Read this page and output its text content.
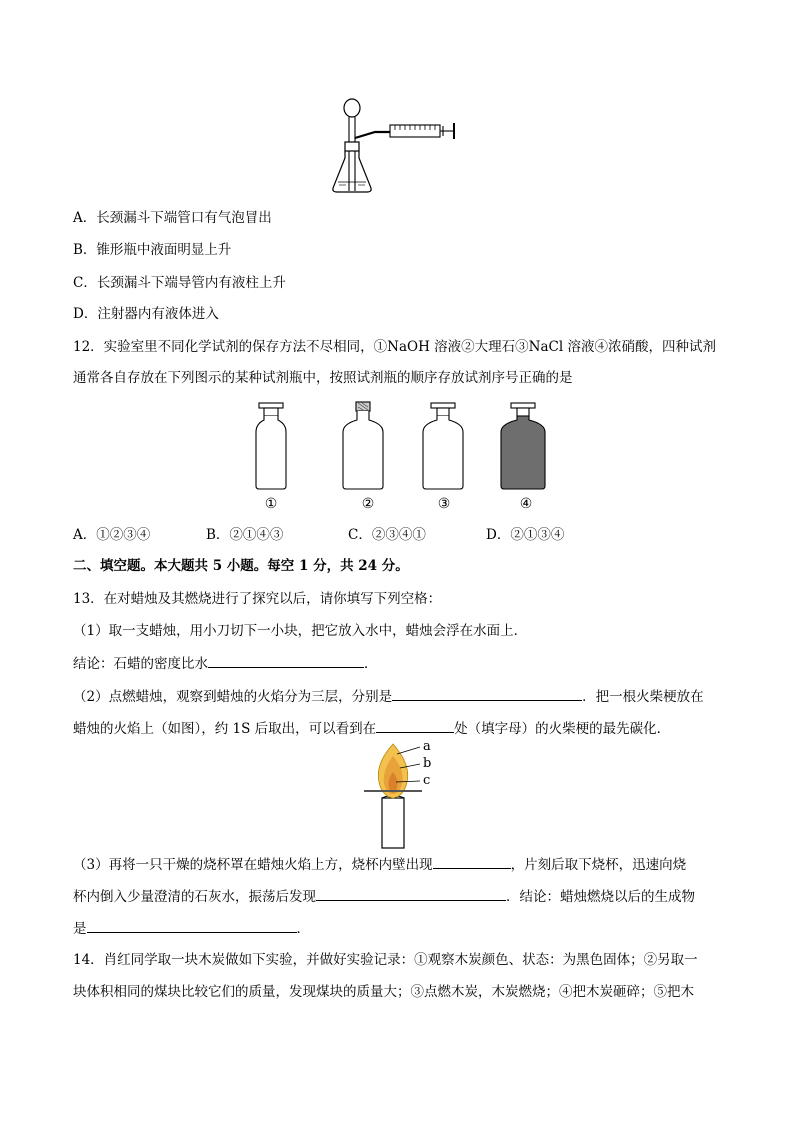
A．长颈漏斗下端管口有气泡冒出
B．锥形瓶中液面明显上升
C．长颈漏斗下端导管内有液柱上升
D．注射器内有液体进入
12．实验室里不同化学试剂的保存方法不尽相同，①NaOH 溶液②大理石③NaCl 溶液④浓硝酸，四种试剂
通常各自存放在下列图示的某种试剂瓶中，按照试剂瓶的顺序存放试剂序号正确的是
①	②	③	④
A．①②③④	B．②①④③	C．②③④①	D．②①③④
二、填空题。本大题共 5 小题。每空 1 分，共 24 分。
13．在对蜡烛及其燃烧进行了探究以后，请你填写下列空格：
（1）取一支蜡烛，用小刀切下一小块，把它放入水中，蜡烛会浮在水面上．
结论：石蜡的密度比水	．
（2）点燃蜡烛，观察到蜡烛的火焰分为三层，分别是	．把一根火柴梗放在
蜡烛的火焰上（如图），约 1S 后取出，可以看到在	处（填字母）的火柴梗的最先碳化．
a
b
c
（3）再将一只干燥的烧杯罩在蜡烛火焰上方，烧杯内壁出现	，片刻后取下烧杯，迅速向烧
杯内倒入少量澄清的石灰水，振荡后发现	．结论：蜡烛燃烧以后的生成物
是	．
14．肖红同学取一块木炭做如下实验，并做好实验记录：①观察木炭颜色、状态：为黑色固体；②另取一
块体积相同的煤块比较它们的质量，发现煤块的质量大；③点燃木炭，木炭燃烧；④把木炭砸碎；⑤把木
